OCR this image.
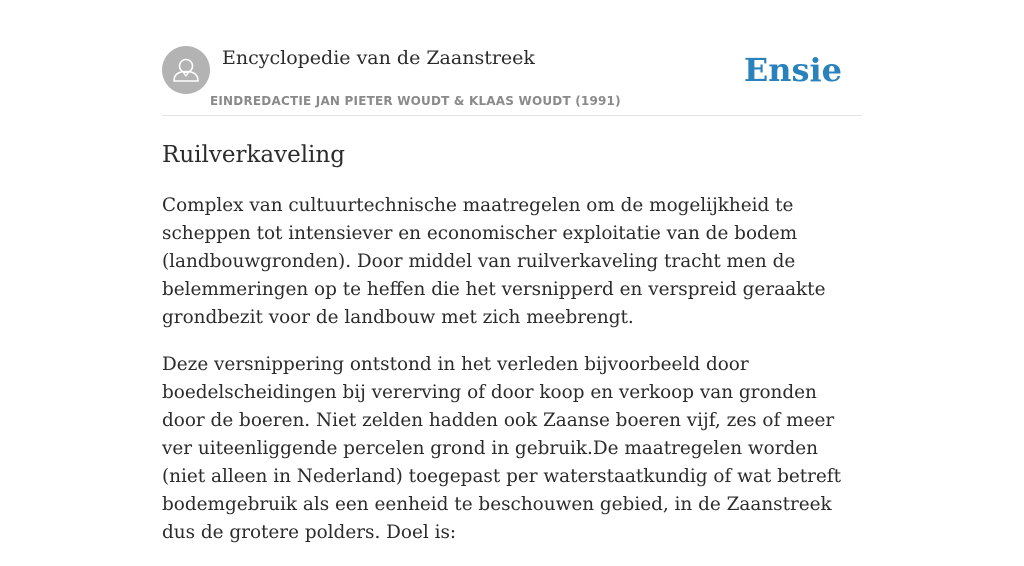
Encyclopedie van de Zaanstreek
EINDREDACTIE JAN PIETER WOUDT & KLAAS WOUDT (1991)
Ensie
Ruilverkaveling

Complex van cultuurtechnische maatregelen om de mogelijkheid te scheppen tot intensiever en economischer exploitatie van de bodem (landbouwgronden). Door middel van ruilverkaveling tracht men de belemmeringen op te heffen die het versnipperd en verspreid geraakte grondbezit voor de landbouw met zich meebrengt.

Deze versnippering ontstond in het verleden bijvoorbeeld door boedelscheidingen bij vererving of door koop en verkoop van gronden door de boeren. Niet zelden hadden ook Zaanse boeren vijf, zes of meer ver uiteenliggende percelen grond in gebruik.De maatregelen worden (niet alleen in Nederland) toegepast per waterstaatkundig of wat betreft bodemgebruik als een eenheid te beschouwen gebied, in de Zaanstreek dus de grotere polders. Doel is:
